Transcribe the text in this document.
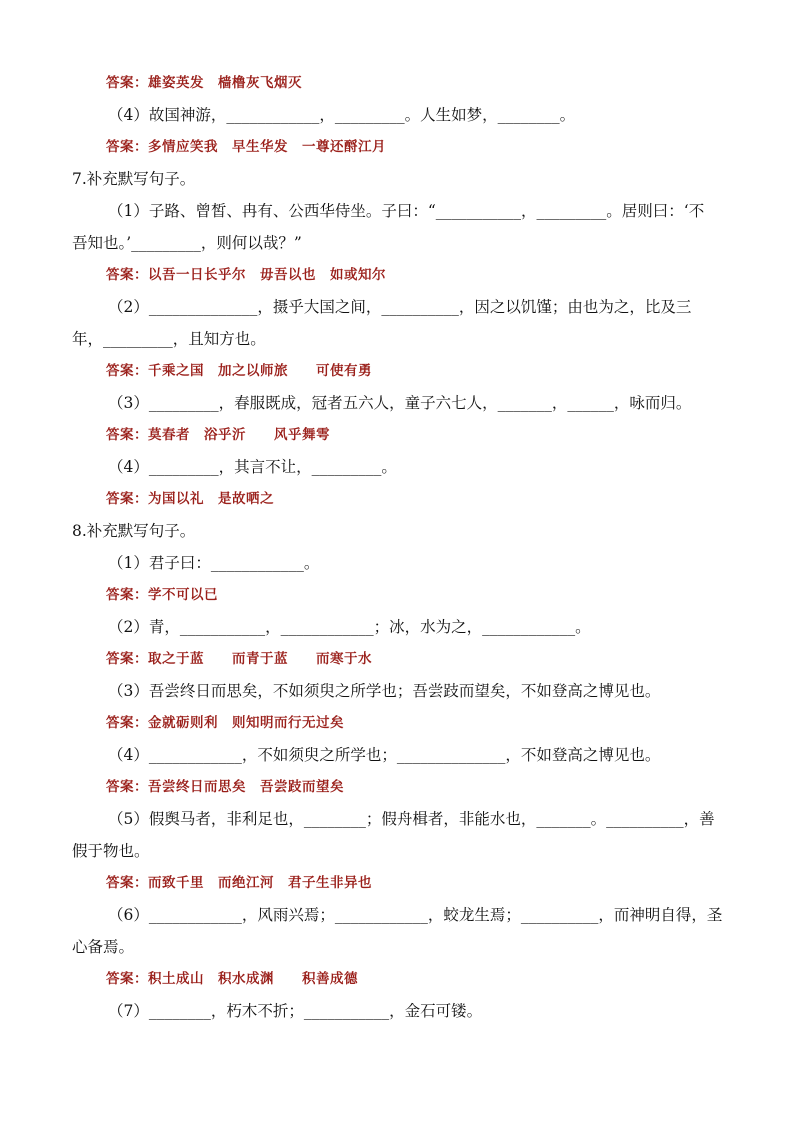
答案：雄姿英发　樯橹灰飞烟灭
（4）故国神游，____________，_________。人生如梦，________。
答案：多情应笑我　早生华发　一尊还酹江月
7.补充默写句子。
（1）子路、曾皙、冉有、公西华侍坐。子曰：“___________，_________。居则曰：‘不
吾知也。’_________，则何以哉？”
答案：以吾一日长乎尔　毋吾以也　如或知尔
（2）______________，摄乎大国之间，__________，因之以饥馑；由也为之，比及三
年，_________，且知方也。
答案：千乘之国　加之以师旅　　可使有勇
（3）_________，春服既成，冠者五六人，童子六七人，_______，______，咏而归。
答案：莫春者　浴乎沂　　风乎舞雩
（4）_________，其言不让，_________。
答案：为国以礼　是故哂之
8.补充默写句子。
（1）君子曰：____________。
答案：学不可以已
（2）青，___________，____________；冰，水为之，____________。
答案：取之于蓝　　而青于蓝　　而寒于水
（3）吾尝终日而思矣，不如须臾之所学也；吾尝跂而望矣，不如登高之博见也。
答案：金就砺则利　则知明而行无过矣
（4）____________，不如须臾之所学也；______________，不如登高之博见也。
答案：吾尝终日而思矣　吾尝跂而望矣
（5）假舆马者，非利足也，________；假舟楫者，非能水也，_______。__________，善
假于物也。
答案：而致千里　而绝江河　君子生非异也
（6）____________，风雨兴焉；____________，蛟龙生焉；__________，而神明自得，圣
心备焉。
答案：积土成山　积水成渊　　积善成德
（7）________，朽木不折；___________，金石可镂。
